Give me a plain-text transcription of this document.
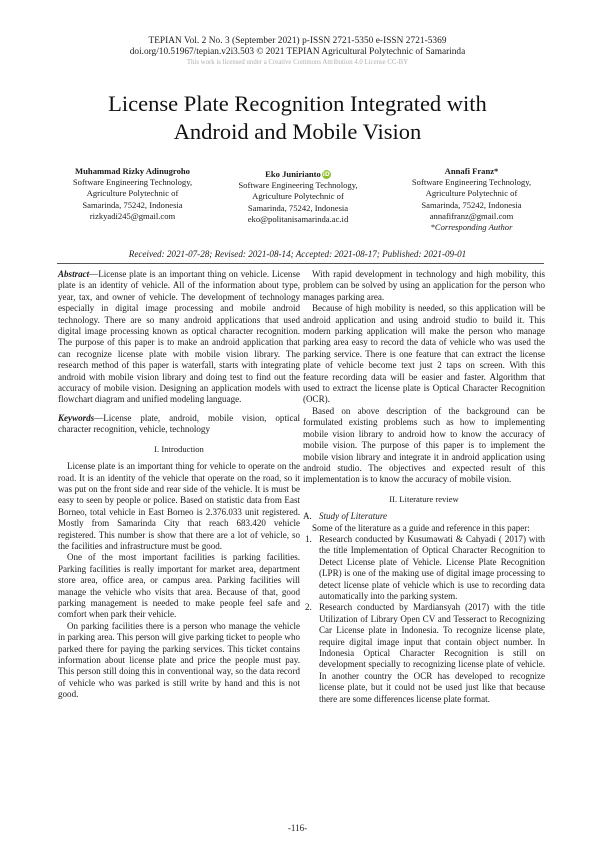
TEPIAN Vol. 2 No. 3 (September 2021) p-ISSN 2721-5350 e-ISSN 2721-5369
doi.org/10.51967/tepian.v2i3.503 © 2021 TEPIAN Agricultural Polytechnic of Samarinda
This work is licensed under a Creative Commons Attribution 4.0 License CC-BY
License Plate Recognition Integrated with
Android and Mobile Vision
Muhammad Rizky Adinugroho
Software Engineering Technology,
Agriculture Polytechnic of
Samarinda, 75242, Indonesia
rizkyadi245@gmail.com
Eko Junirianto iD
Software Engineering Technology,
Agriculture Polytechnic of
Samarinda, 75242, Indonesia
eko@politanisamarinda.ac.id
Annafi Franz*
Software Engineering Technology,
Agriculture Polytechnic of
Samarinda, 75242, Indonesia
annafifranz@gmail.com
*Corresponding Author
Received: 2021-07-28; Revised: 2021-08-14; Accepted: 2021-08-17; Published: 2021-09-01

Abstract—License plate is an important thing on vehicle. License plate is an identity of vehicle. All of the information about type, year, tax, and owner of vehicle. The development of technology especially in digital image processing and mobile android technology. There are so many android applications that used digital image processing known as optical character recognition. The purpose of this paper is to make an android application that can recognize license plate with mobile vision library. The research method of this paper is waterfall, starts with integrating android with mobile vision library and doing test to find out the accuracy of mobile vision. Designing an application models with flowchart diagram and unified modeling language.

Keywords—License plate, android, mobile vision, optical character recognition, vehicle, technology

I. Introduction

License plate is an important thing for vehicle to operate on the road. It is an identity of the vehicle that operate on the road, so it was put on the front side and rear side of the vehicle. It is must be easy to seen by people or police. Based on statistic data from East Borneo, total vehicle in East Borneo is 2.376.033 unit registered. Mostly from Samarinda City that reach 683.420 vehicle registered. This number is show that there are a lot of vehicle, so the facilities and infrastructure must be good.

One of the most important facilities is parking facilities. Parking facilities is really important for market area, department store area, office area, or campus area. Parking facilities will manage the vehicle who visits that area. Because of that, good parking management is needed to make people feel safe and comfort when park their vehicle.

On parking facilities there is a person who manage the vehicle in parking area. This person will give parking ticket to people who parked there for paying the parking services. This ticket contains information about license plate and price the people must pay. This person still doing this in conventional way, so the data record of vehicle who was parked is still write by hand and this is not good.

With rapid development in technology and high mobility, this problem can be solved by using an application for the person who manages parking area.

Because of high mobility is needed, so this application will be android application and using android studio to build it. This modern parking application will make the person who manage parking area easy to record the data of vehicle who was used the parking service. There is one feature that can extract the license plate of vehicle become text just 2 taps on screen. With this feature recording data will be easier and faster. Algorithm that used to extract the license plate is Optical Character Recognition (OCR).

Based on above description of the background can be formulated existing problems such as how to implementing mobile vision library to android how to know the accuracy of mobile vision. The purpose of this paper is to implement the mobile vision library and integrate it in android application using android studio. The objectives and expected result of this implementation is to know the accuracy of mobile vision.

II. Literature review
A. Study of Literature

Some of the literature as a guide and reference in this paper:

1. Research conducted by Kusumawati & Cahyadi ( 2017) with the title Implementation of Optical Character Recognition to Detect License plate of Vehicle. License Plate Recognition (LPR) is one of the making use of digital image processing to detect license plate of vehicle which is use to recording data automatically into the parking system.
2. Research conducted by Mardiansyah (2017) with the title Utilization of Library Open CV and Tesseract to Recognizing Car License plate in Indonesia. To recognize license plate, require digital image input that contain object number. In Indonesia Optical Character Recognition is still on development specially to recognizing license plate of vehicle. In another country the OCR has developed to recognize license plate, but it could not be used just like that because there are some differences license plate format.
-116-
